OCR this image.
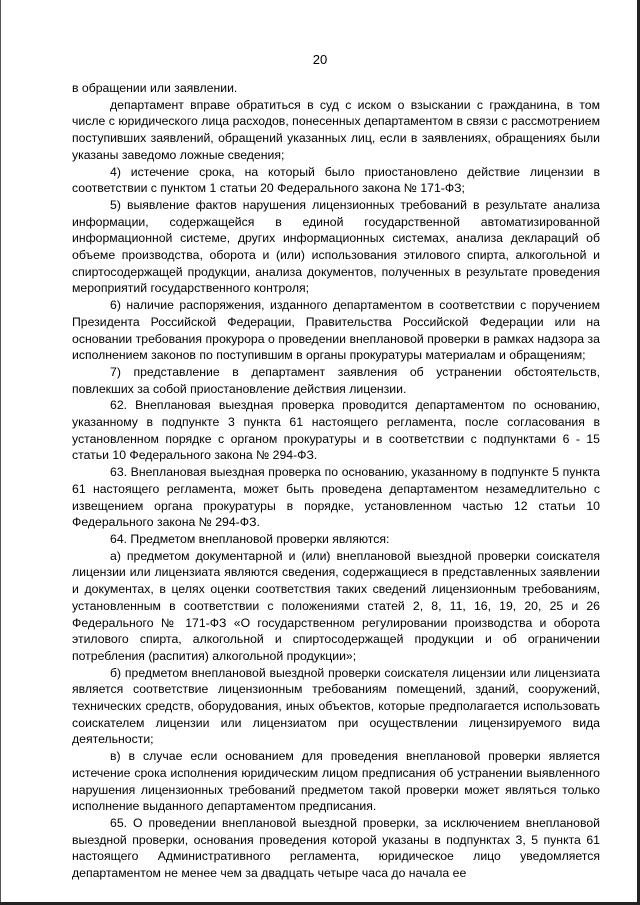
20

в обращении или заявлении.

департамент вправе обратиться в суд с иском о взыскании с гражданина, в том числе с юридического лица расходов, понесенных департаментом в связи с рассмотрением поступивших заявлений, обращений указанных лиц, если в заявлениях, обращениях были указаны заведомо ложные сведения;

4) истечение срока, на который было приостановлено действие лицензии в соответствии с пунктом 1 статьи 20 Федерального закона № 171-ФЗ;

5) выявление фактов нарушения лицензионных требований в результате анализа информации, содержащейся в единой государственной автоматизированной информационной системе, других информационных системах, анализа деклараций об объеме производства, оборота и (или) использования этилового спирта, алкогольной и спиртосодержащей продукции, анализа документов, полученных в результате проведения мероприятий государственного контроля;

6) наличие распоряжения, изданного департаментом в соответствии с поручением Президента Российской Федерации, Правительства Российской Федерации или на основании требования прокурора о проведении внеплановой проверки в рамках надзора за исполнением законов по поступившим в органы прокуратуры материалам и обращениям;

7) представление в департамент заявления об устранении обстоятельств, повлекших за собой приостановление действия лицензии.

62. Внеплановая выездная проверка проводится департаментом по основанию, указанному в подпункте 3 пункта 61 настоящего регламента, после согласования в установленном порядке с органом прокуратуры и в соответствии с подпунктами 6 - 15 статьи 10 Федерального закона № 294-ФЗ.

63. Внеплановая выездная проверка по основанию, указанному в подпункте 5 пункта 61 настоящего регламента, может быть проведена департаментом незамедлительно с извещением органа прокуратуры в порядке, установленном частью 12 статьи 10 Федерального закона № 294-ФЗ.

64. Предметом внеплановой проверки являются:

а) предметом документарной и (или) внеплановой выездной проверки соискателя лицензии или лицензиата являются сведения, содержащиеся в представленных заявлении и документах, в целях оценки соответствия таких сведений лицензионным требованиям, установленным в соответствии с положениями статей 2, 8, 11, 16, 19, 20, 25 и 26 Федерального № 171-ФЗ «О государственном регулировании производства и оборота этилового спирта, алкогольной и спиртосодержащей продукции и об ограничении потребления (распития) алкогольной продукции»;

б) предметом внеплановой выездной проверки соискателя лицензии или лицензиата является соответствие лицензионным требованиям помещений, зданий, сооружений, технических средств, оборудования, иных объектов, которые предполагается использовать соискателем лицензии или лицензиатом при осуществлении лицензируемого вида деятельности;

в) в случае если основанием для проведения внеплановой проверки является истечение срока исполнения юридическим лицом предписания об устранении выявленного нарушения лицензионных требований предметом такой проверки может являться только исполнение выданного департаментом предписания.

65. О проведении внеплановой выездной проверки, за исключением внеплановой выездной проверки, основания проведения которой указаны в подпунктах 3, 5 пункта 61 настоящего Административного регламента, юридическое лицо уведомляется департаментом не менее чем за двадцать четыре часа до начала ее
